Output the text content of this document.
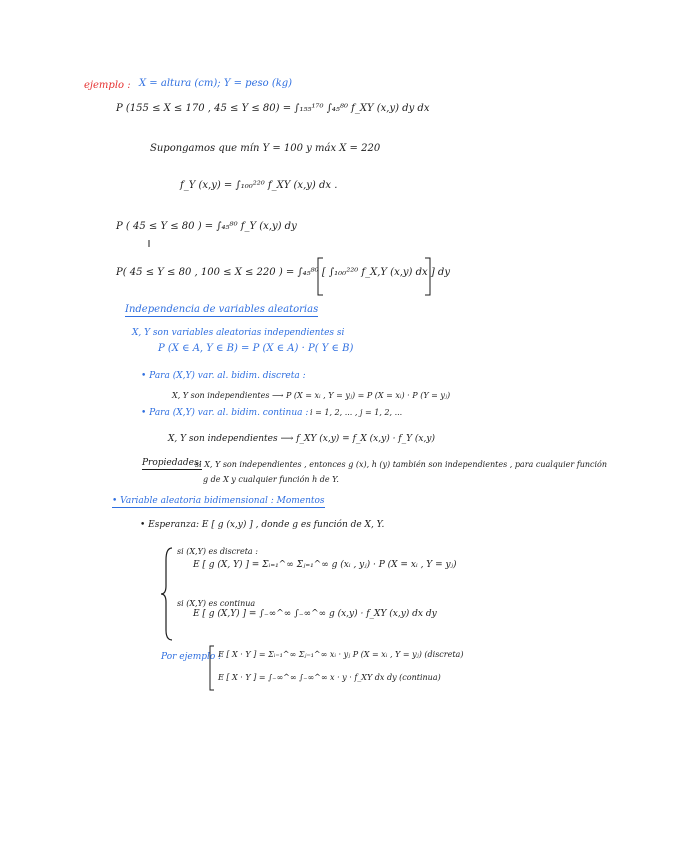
ejemplo : X = altura (cm); Y = peso (kg)
P (155 ≤ X ≤ 170 , 45 ≤ Y ≤ 80) = ∫₁₅₅¹⁷⁰ ∫₄₅⁸⁰ f_XY (x,y) dy dx
Supongamos que mín Y = 100 y máx X = 220
f_Y (x,y) = ∫₁₀₀²²⁰ f_XY (x,y) dx .
P ( 45 ≤ Y ≤ 80 ) = ∫₄₅⁸⁰ f_Y (x,y) dy
P( 45 ≤ Y ≤ 80 , 100 ≤ X ≤ 220 ) = ∫₄₅⁸⁰ [ ∫₁₀₀²²⁰ f_X,Y (x,y) dx ] dy
Independencia de variables aleatorias
X, Y son variables aleatorias independientes si
P (X ∈ A, Y ∈ B) = P (X ∈ A) · P( Y ∈ B)
• Para (X,Y) var. al. bidim. discreta :
X, Y son independientes ⟶ P (X = xᵢ , Y = yⱼ) = P (X = xᵢ) · P (Y = yⱼ)
• Para (X,Y) var. al. bidim. continua : i = 1, 2, ... , j = 1, 2, ...
X, Y son independientes ⟶ f_XY (x,y) = f_X (x,y) · f_Y (x,y)
Propiedades:
si X, Y son independientes , entonces g (x), h (y) también son independientes , para cualquier función
g de X y cualquier función h de Y.
• Variable aleatoria bidimensional : Momentos
• Esperanza: E [ g (x,y) ] , donde g es función de X, Y.
si (X,Y) es discreta :
E [ g (X, Y) ] = Σᵢ₌₁^∞ Σⱼ₌₁^∞ g (xᵢ , yⱼ) · P (X = xᵢ , Y = yⱼ)
si (X,Y) es continua
E [ g (X,Y) ] = ∫₋∞^∞ ∫₋∞^∞ g (x,y) · f_XY (x,y) dx dy
Por ejemplo :
E [ X · Y ] = Σᵢ₌₁^∞ Σⱼ₌₁^∞ xᵢ · yⱼ P (X = xᵢ , Y = yⱼ) (discreta)
E [ X · Y ] = ∫₋∞^∞ ∫₋∞^∞ x · y · f_XY dx dy (continua)
